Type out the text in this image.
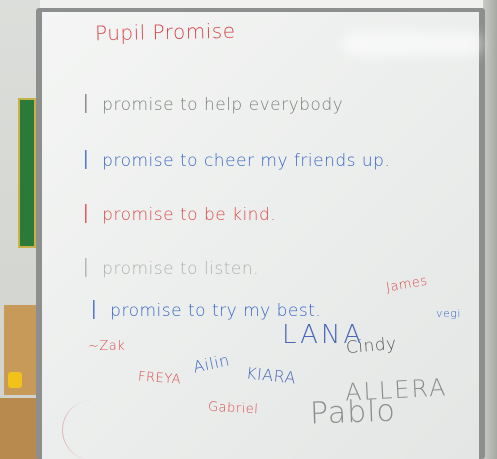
Pupil Promise
Ipromise to help everybody
Ipromise to cheer my friends up.
Ipromise to be kind.
Ipromise to listen.
Ipromise to try my best.
James
vegi
~Zak	LANA
Cindy
FREYA
Ailin KIARA ALLERA
Gabriel Pablo
